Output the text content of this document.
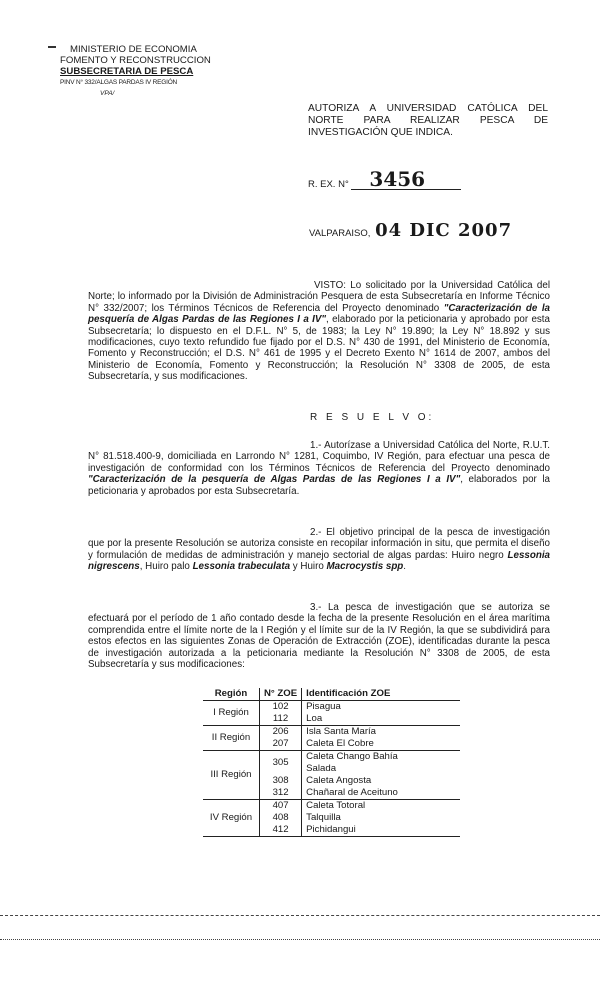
MINISTERIO DE ECONOMIA
FOMENTO Y RECONSTRUCCION
SUBSECRETARIA DE PESCA
PINV N° 332/ALGAS PARDAS IV REGIÓN
VPA/
AUTORIZA A UNIVERSIDAD CATÓLICA DEL NORTE PARA REALIZAR PESCA DE INVESTIGACIÓN QUE INDICA.
R. EX. N° 3456
VALPARAISO, 04 DIC 2007
VISTO: Lo solicitado por la Universidad Católica del Norte; lo informado por la División de Administración Pesquera de esta Subsecretaría en Informe Técnico N° 332/2007; los Términos Técnicos de Referencia del Proyecto denominado "Caracterización de la pesquería de Algas Pardas de las Regiones I a IV", elaborado por la peticionaria y aprobado por esta Subsecretaría; lo dispuesto en el D.F.L. N° 5, de 1983; la Ley N° 19.890; la Ley N° 18.892 y sus modificaciones, cuyo texto refundido fue fijado por el D.S. N° 430 de 1991, del Ministerio de Economía, Fomento y Reconstrucción; el D.S. N° 461 de 1995 y el Decreto Exento N° 1614 de 2007, ambos del Ministerio de Economía, Fomento y Reconstrucción; la Resolución N° 3308 de 2005, de esta Subsecretaría, y sus modificaciones.
R E S U E L V O:
1.- Autorízase a Universidad Católica del Norte, R.U.T. N° 81.518.400-9, domiciliada en Larrondo N° 1281, Coquimbo, IV Región, para efectuar una pesca de investigación de conformidad con los Términos Técnicos de Referencia del Proyecto denominado "Caracterización de la pesquería de Algas Pardas de las Regiones I a IV", elaborados por la peticionaria y aprobados por esta Subsecretaría.
2.- El objetivo principal de la pesca de investigación que por la presente Resolución se autoriza consiste en recopilar información in situ, que permita el diseño y formulación de medidas de administración y manejo sectorial de algas pardas: Huiro negro Lessonia nigrescens, Huiro palo Lessonia trabeculata y Huiro Macrocystis spp.
3.- La pesca de investigación que se autoriza se efectuará por el período de 1 año contado desde la fecha de la presente Resolución en el área marítima comprendida entre el límite norte de la I Región y el límite sur de la IV Región, la que se subdividirá para estos efectos en las siguientes Zonas de Operación de Extracción (ZOE), identificadas durante la pesca de investigación autorizada a la peticionaria mediante la Resolución N° 3308 de 2005, de esta Subsecretaría y sus modificaciones:
Región	N° ZOE	Identificación ZOE
I Región	102	Pisagua
	112	Loa
II Región	206	Isla Santa María
	207	Caleta El Cobre
III Región	305	Caleta Chango Bahía Salada
	308	Caleta Angosta
	312	Chañaral de Aceituno
IV Región	407	Caleta Totoral
	408	Talquilla
	412	Pichidangui
